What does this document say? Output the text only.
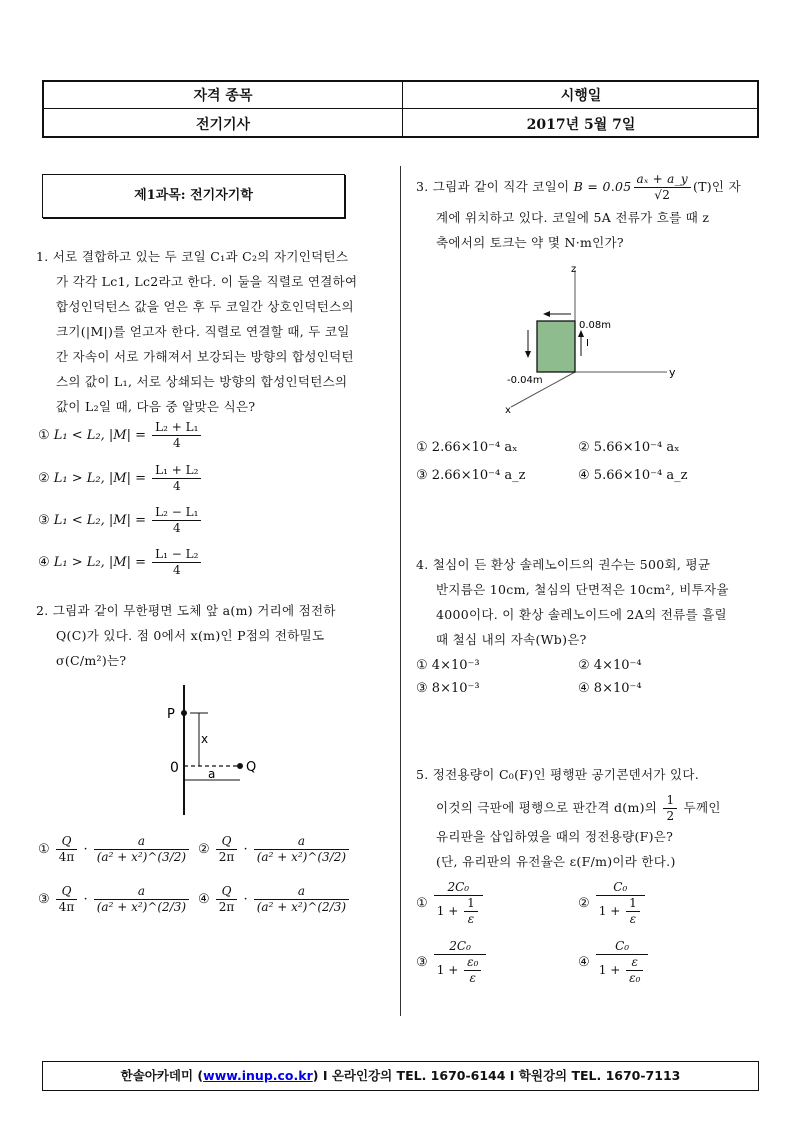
자격 종목	시행일
전기기사	2017년 5월 7일
제1과목: 전기자기학
1. 서로 결합하고 있는 두 코일 C₁과 C₂의 자기인덕턴스
가 각각 Lc1, Lc2라고 한다. 이 둘을 직렬로 연결하여
합성인덕턴스 값을 얻은 후 두 코일간 상호인덕턴스의
크기(|M|)를 얻고자 한다. 직렬로 연결할 때, 두 코일
간 자속이 서로 가해져서 보강되는 방향의 합성인덕턴
스의 값이 L₁, 서로 상쇄되는 방향의 합성인덕턴스의
값이 L₂일 때, 다음 중 알맞은 식은?
① L₁ < L₂, $|M| = \frac{\text{L₂ + L₁}}{4}$
② L₁ > L₂, $|M| = \frac{\text{L₁ + L₂}}{4}$
③ L₁ < L₂, $|M| = \frac{\text{L₂ − L₁}}{4}$
④ L₁ > L₂, $|M| = \frac{\text{L₁ − L₂}}{4}$
2. 그림과 같이 무한평면 도체 앞 a(m) 거리에 점전하
Q(C)가 있다. 점 0에서 x(m)인 P점의 전하밀도
σ(C/m²)는?
P
x
0 a Q
① $\frac{Q}{4\pi} \cdot \frac{a}{\text{(a² + x²)\textasciicircum{}(3/2)}}$ ② $\frac{Q}{2\pi} \cdot \frac{a}{\text{(a² + x²)\textasciicircum{}(3/2)}}$
③ $\frac{Q}{4\pi} \cdot \frac{a}{\text{(a² + x²)\textasciicircum{}(2/3)}}$ ④ $\frac{Q}{2\pi} \cdot \frac{a}{\text{(a² + x²)\textasciicircum{}(2/3)}}$
3. 그림과 같이 직각 코일이 $B = 0.05 \frac{\text{aₓ + a\_y}}{√2} (T)$인 자
계에 위치하고 있다. 코일에 5A 전류가 흐를 때 z
축에서의 토크는 약 몇 N·m인가?
z
y
x
0.08m
-0.04m
I
① 2.66×10⁻⁴ aₓ	② 5.66×10⁻⁴ aₓ
③ 2.66×10⁻⁴ a_z	④ 5.66×10⁻⁴ a_z
4. 철심이 든 환상 솔레노이드의 권수는 500회, 평균
반지름은 10cm, 철심의 단면적은 10cm², 비투자율
4000이다. 이 환상 솔레노이드에 2A의 전류를 흘릴
때 철심 내의 자속(Wb)은?
① 4×10⁻³	② 4×10⁻⁴
③ 8×10⁻³	④ 8×10⁻⁴
5. 정전용량이 C₀(F)인 평행판 공기콘덴서가 있다.
이것의 극판에 평행으로 판간격 d(m)의 $\frac{1}{2}$ 두께인
유리판을 삽입하였을 때의 정전용량(F)은?
(단, 유리판의 유전율은 ε(F/m)이라 한다.)
① $\frac{\text{2C₀}}{1 + \frac{1}{\varepsilon}}$	② $\frac{\text{C₀}}{1 + \frac{1}{\varepsilon}}$
③ $\frac{\text{2C₀}}{1 + \frac{\text{ε₀}}{\varepsilon}}$	④ $\frac{\text{C₀}}{1 + \frac{\varepsilon}{\text{ε₀}}}$
한솔아카데미 (www.inup.co.kr) I 온라인강의 TEL. 1670-6144 I 학원강의 TEL. 1670-7113
